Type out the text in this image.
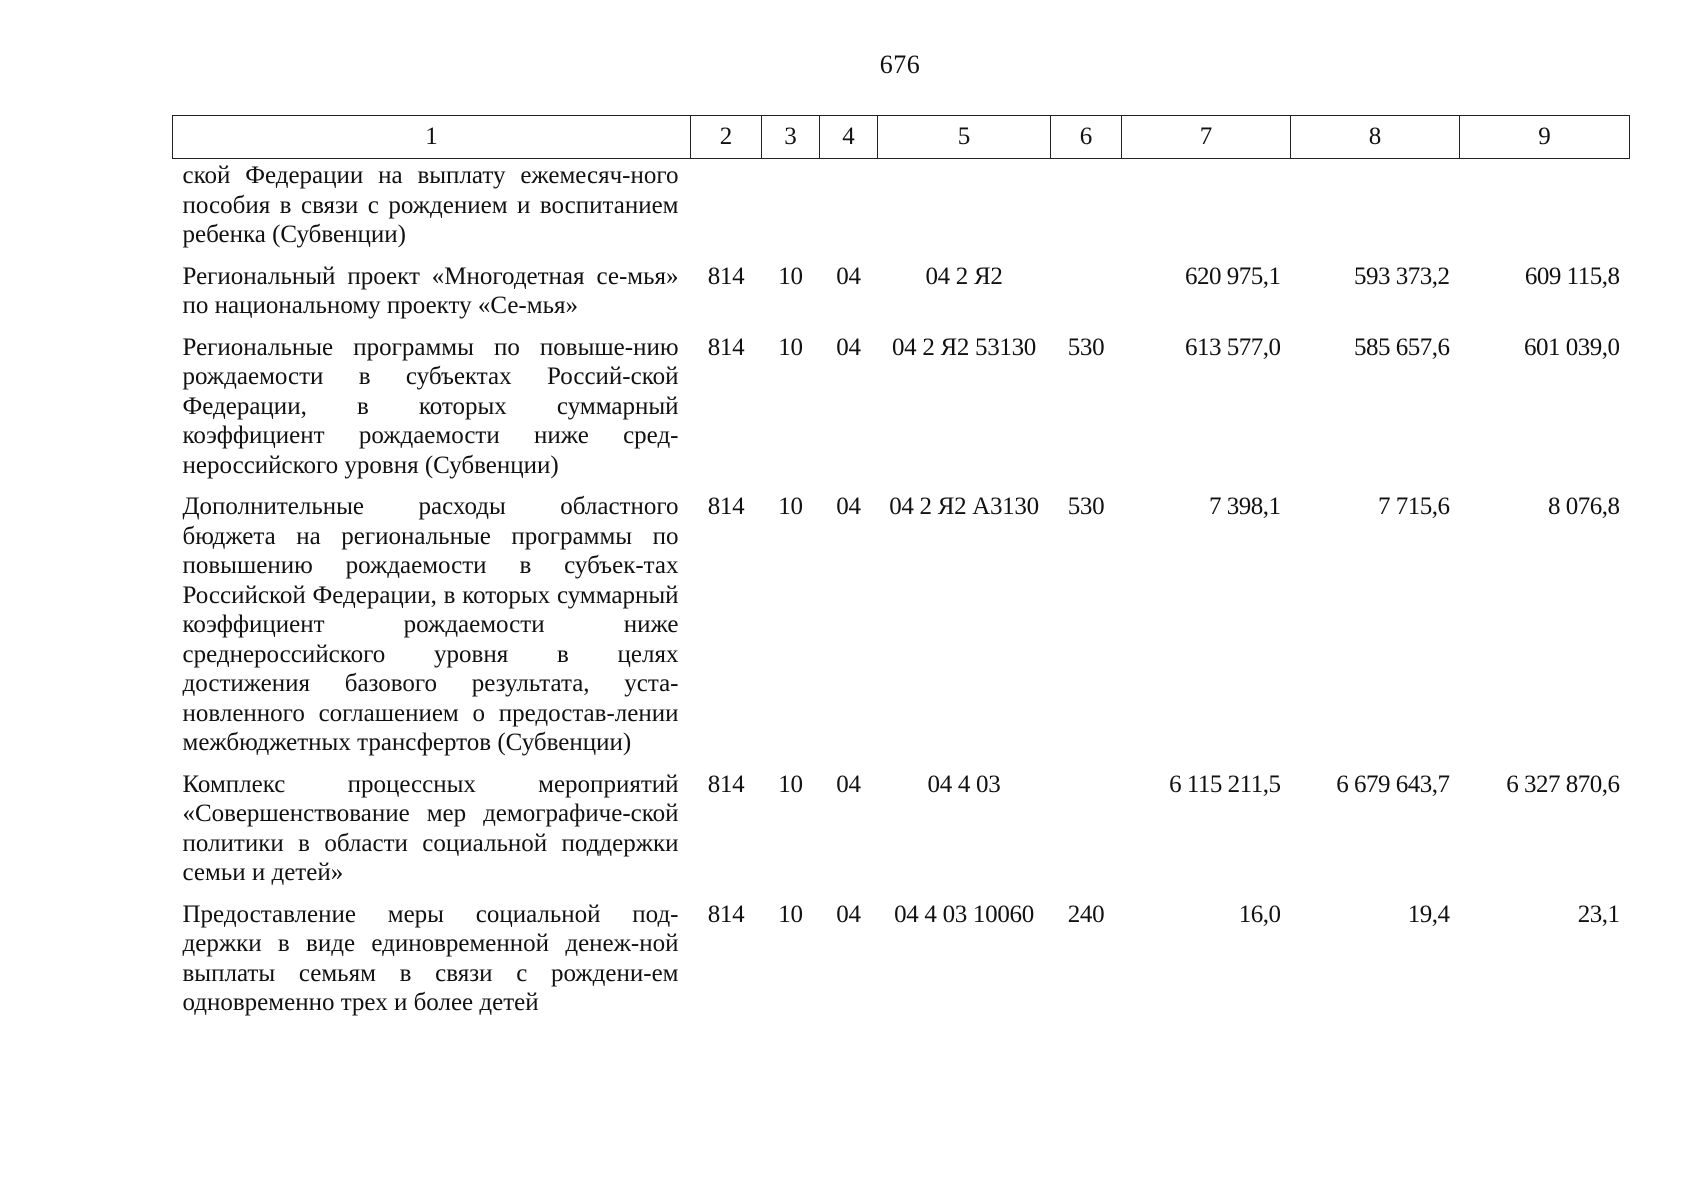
676
1	2	3	4	5	6	7	8	9
ской Федерации на выплату ежемесяч-ного пособия в связи с рождением и воспитанием ребенка (Субвенции)								
Региональный проект «Многодетная се-мья» по национальному проекту «Се-мья»	814	10	04	04 2 Я2		620 975,1	593 373,2	609 115,8
Региональные программы по повыше-нию рождаемости в субъектах Россий-ской Федерации, в которых суммарный коэффициент рождаемости ниже сред-нероссийского уровня (Субвенции)	814	10	04	04 2 Я2 53130	530	613 577,0	585 657,6	601 039,0
Дополнительные расходы областного бюджета на региональные программы по повышению рождаемости в субъек-тах Российской Федерации, в которых суммарный коэффициент рождаемости ниже среднероссийского уровня в целях достижения базового результата, уста-новленного соглашением о предостав-лении межбюджетных трансфертов (Субвенции)	814	10	04	04 2 Я2 А3130	530	7 398,1	7 715,6	8 076,8
Комплекс процессных мероприятий «Совершенствование мер демографиче-ской политики в области социальной поддержки семьи и детей»	814	10	04	04 4 03		6 115 211,5	6 679 643,7	6 327 870,6
Предоставление меры социальной под-держки в виде единовременной денеж-ной выплаты семьям в связи с рождени-ем одновременно трех и более детей	814	10	04	04 4 03 10060	240	16,0	19,4	23,1
